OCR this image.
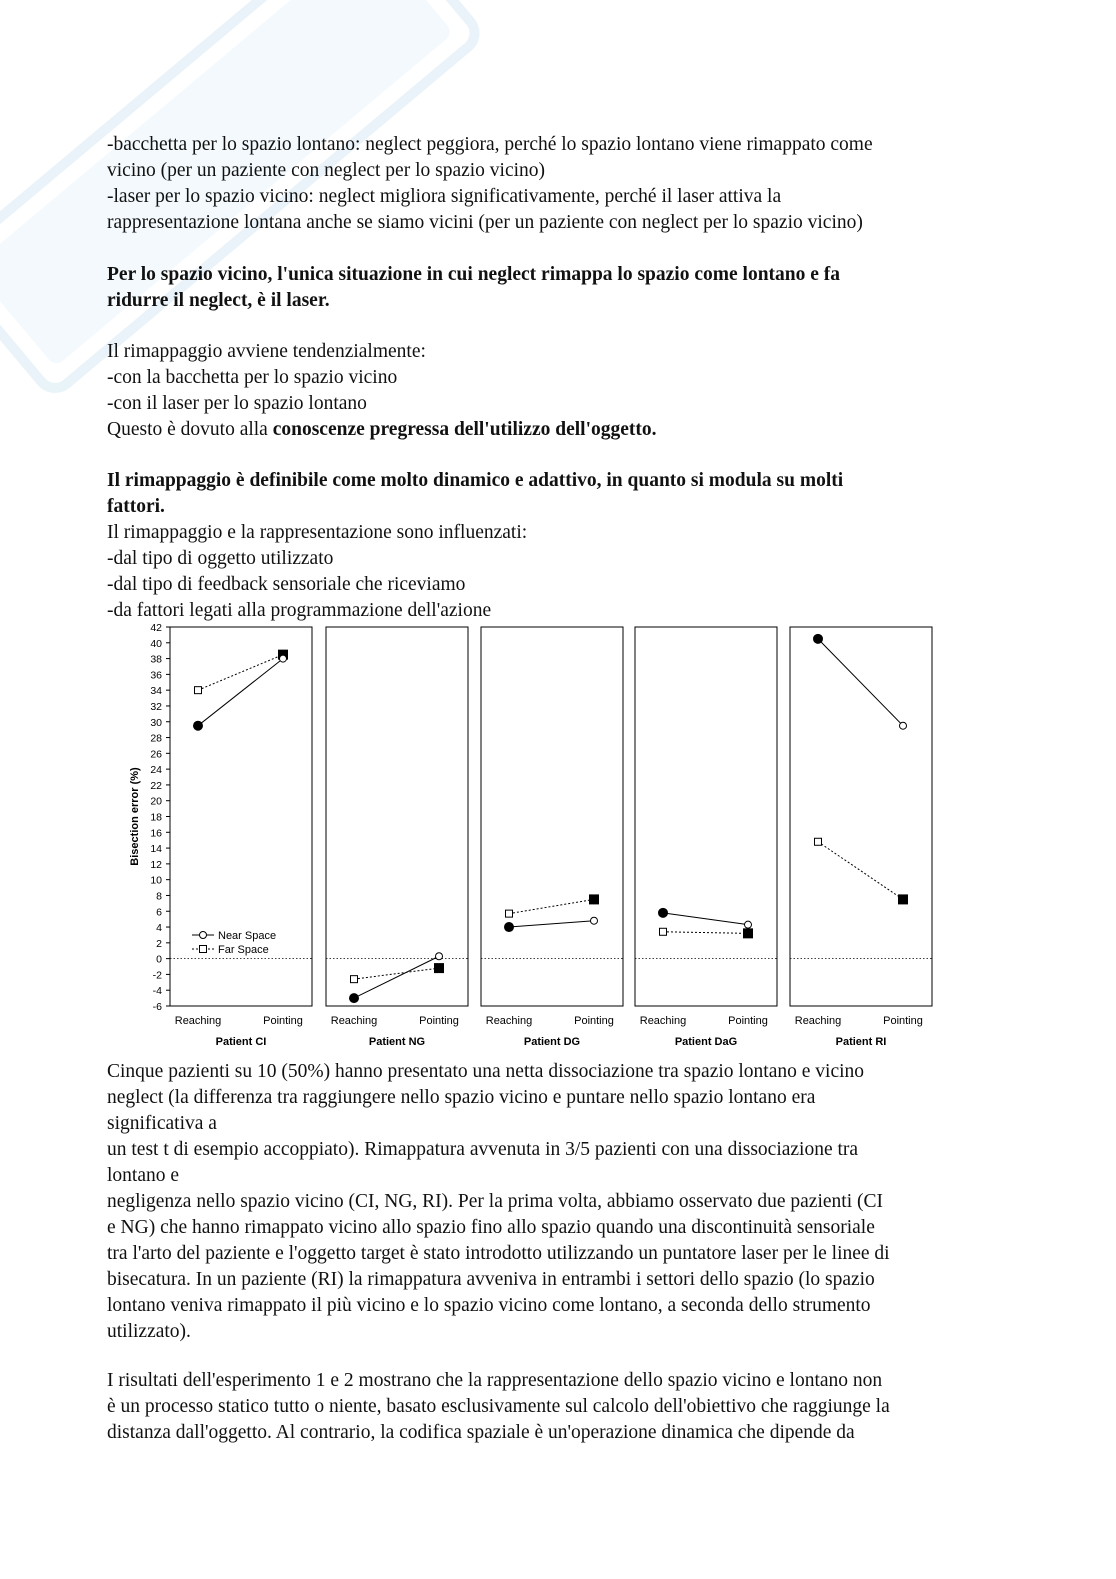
-bacchetta per lo spazio lontano: neglect peggiora, perché lo spazio lontano viene rimappato come
vicino (per un paziente con neglect per lo spazio vicino)
-laser per lo spazio vicino: neglect migliora significativamente, perché il laser attiva la
rappresentazione lontana anche se siamo vicini (per un paziente con neglect per lo spazio vicino)
Per lo spazio vicino, l'unica situazione in cui neglect rimappa lo spazio come lontano e fa
ridurre il neglect, è il laser.
Il rimappaggio avviene tendenzialmente:
-con la bacchetta per lo spazio vicino
-con il laser per lo spazio lontano
Questo è dovuto alla conoscenze pregressa dell'utilizzo dell'oggetto.
Il rimappaggio è definibile come molto dinamico e adattivo, in quanto si modula su molti
fattori.
Il rimappaggio e la rappresentazione sono influenzati:
-dal tipo di oggetto utilizzato
-dal tipo di feedback sensoriale che riceviamo
-da fattori legati alla programmazione dell'azione
Bisection error (%)
-6
-4
-2
0
2
4
6
8
10
12
14
16
18
20
22
24
26
28
30
32
34
36
38
40
42
Reaching	Pointing
Patient CI
Reaching	Pointing
Patient NG
Reaching	Pointing
Patient DG
Reaching	Pointing
Patient DaG
Reaching	Pointing
Patient RI
Near Space
Far Space
Cinque pazienti su 10 (50%) hanno presentato una netta dissociazione tra spazio lontano e vicino
neglect (la differenza tra raggiungere nello spazio vicino e puntare nello spazio lontano era
significativa a
un test t di esempio accoppiato). Rimappatura avvenuta in 3/5 pazienti con una dissociazione tra
lontano e
negligenza nello spazio vicino (CI, NG, RI). Per la prima volta, abbiamo osservato due pazienti (CI
e NG) che hanno rimappato vicino allo spazio fino allo spazio quando una discontinuità sensoriale
tra l'arto del paziente e l'oggetto target è stato introdotto utilizzando un puntatore laser per le linee di
bisecatura. In un paziente (RI) la rimappatura avveniva in entrambi i settori dello spazio (lo spazio
lontano veniva rimappato il più vicino e lo spazio vicino come lontano, a seconda dello strumento
utilizzato).
I risultati dell'esperimento 1 e 2 mostrano che la rappresentazione dello spazio vicino e lontano non
è un processo statico tutto o niente, basato esclusivamente sul calcolo dell'obiettivo che raggiunge la
distanza dall'oggetto. Al contrario, la codifica spaziale è un'operazione dinamica che dipende da
